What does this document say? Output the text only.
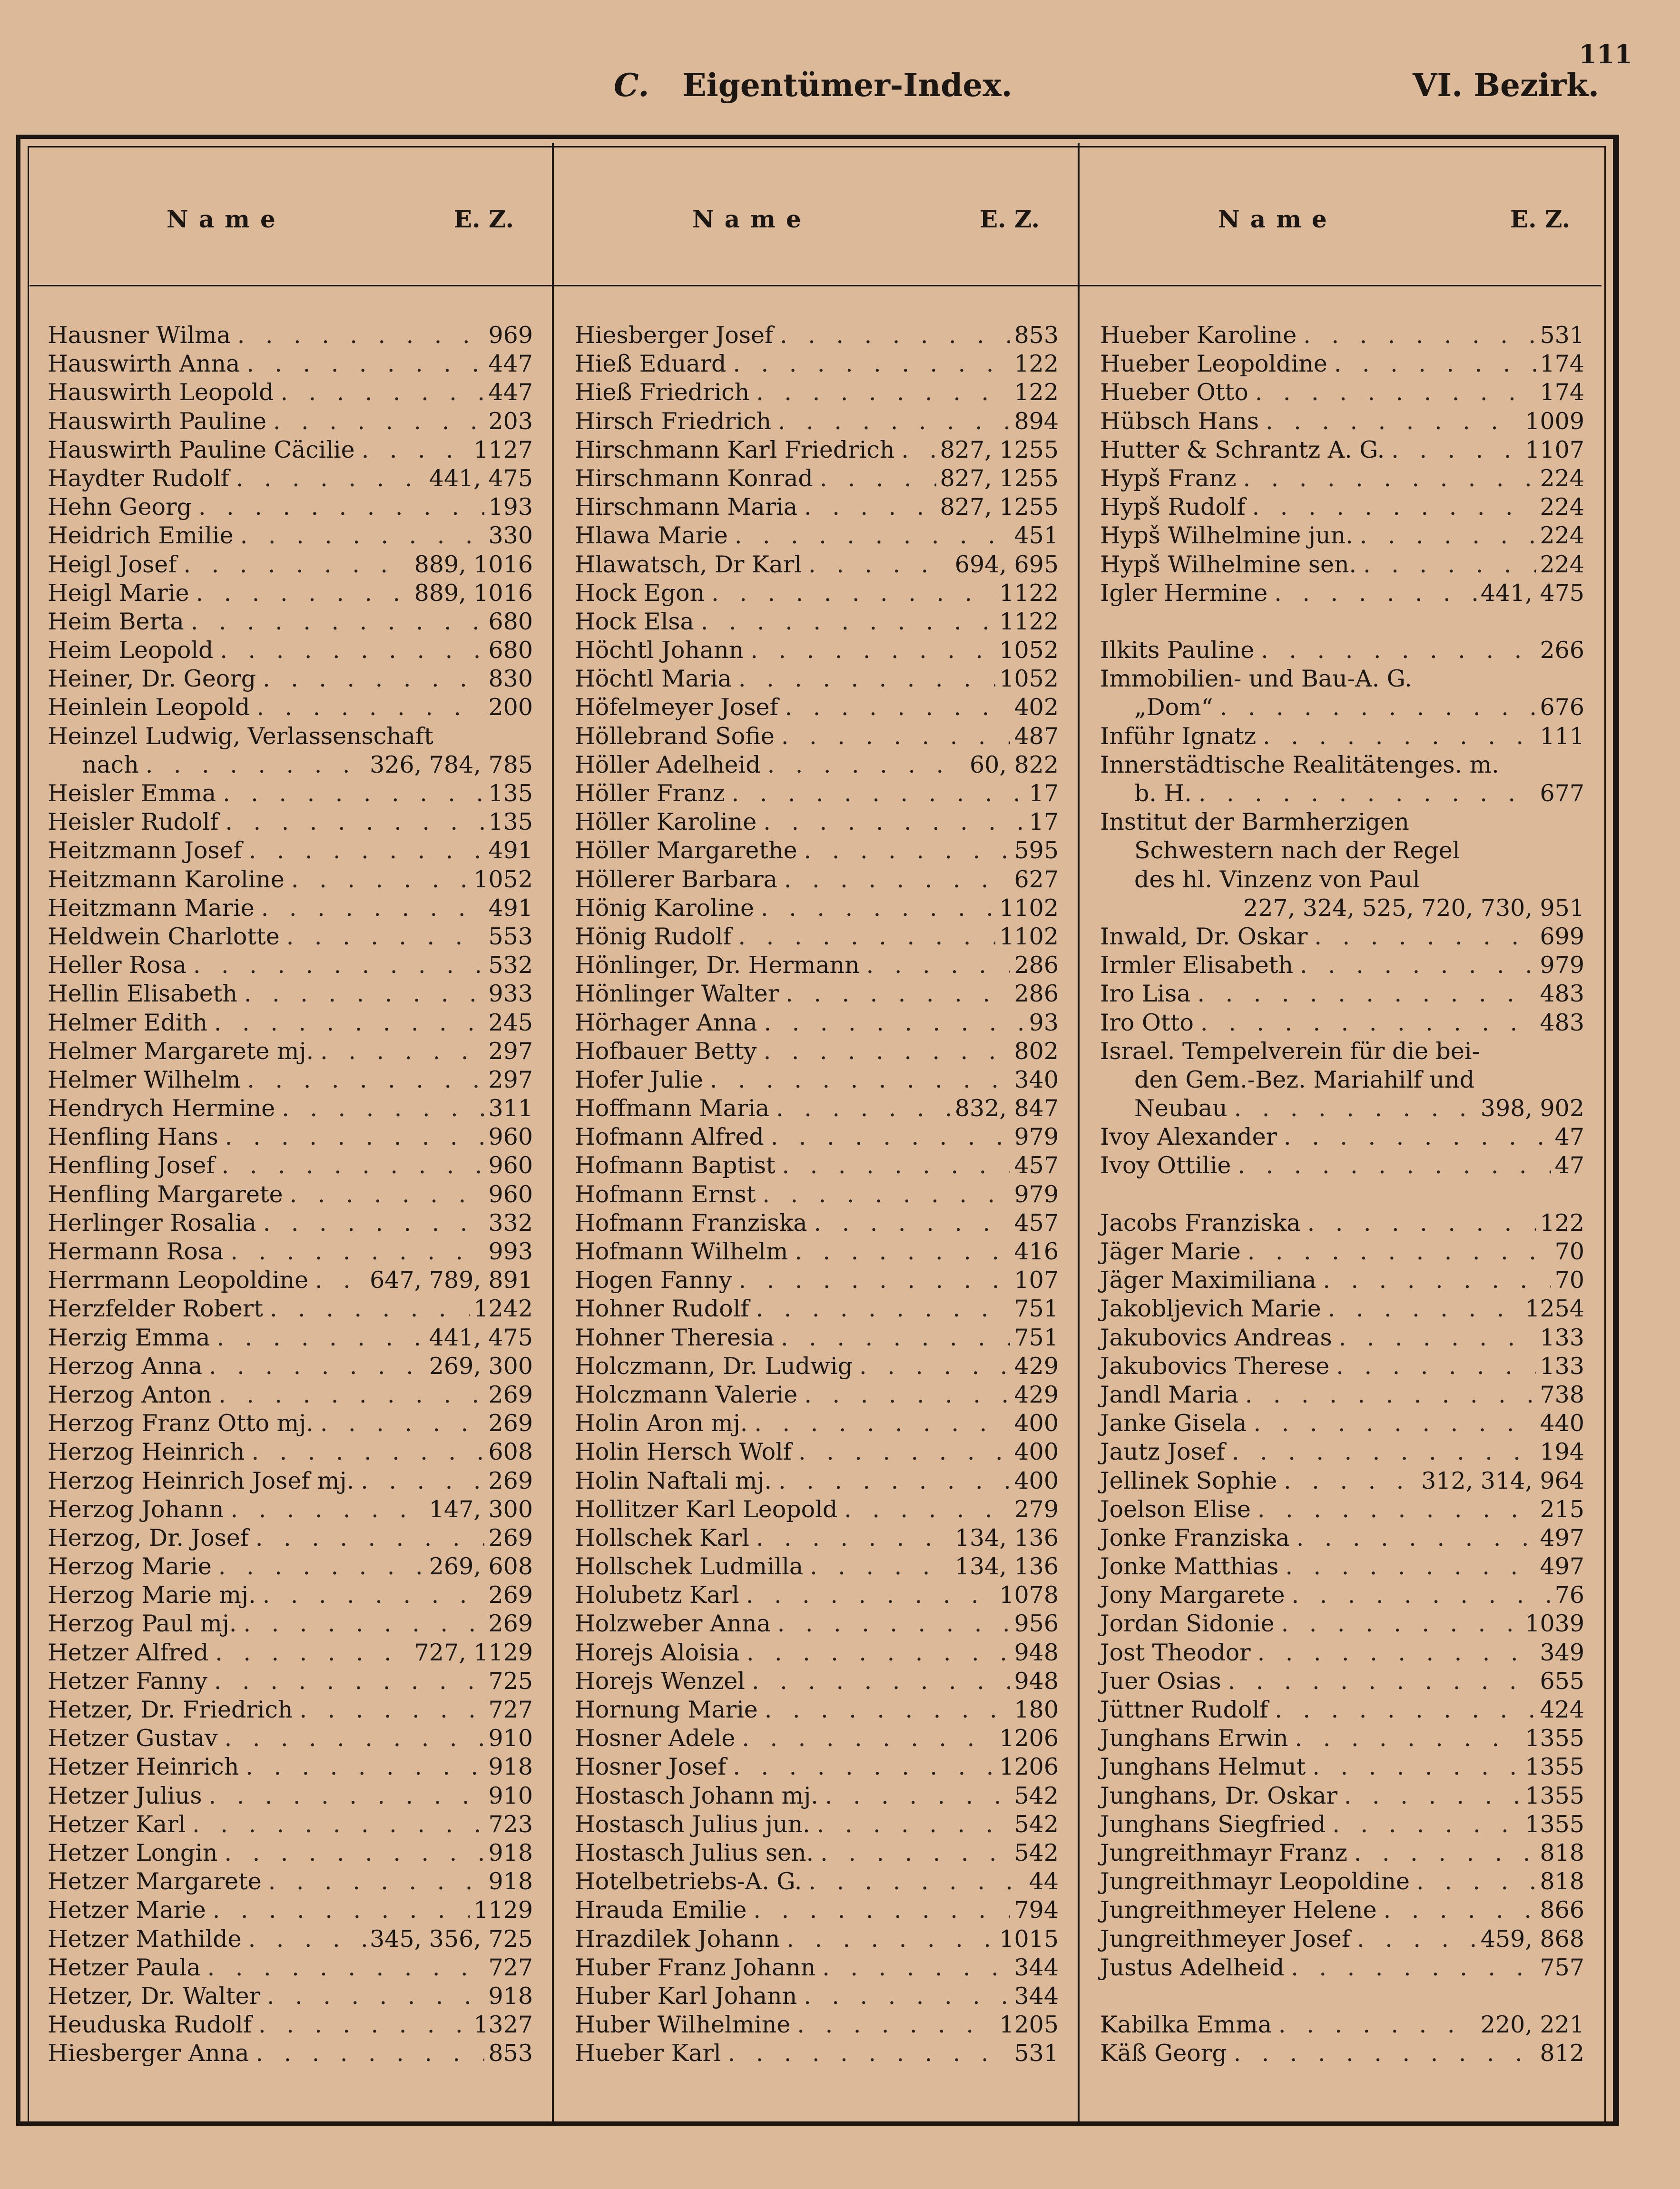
111
C. Eigentümer-Index.	VI. Bezirk.
Name	E. Z.	Name	E. Z.	Name	E. Z.
Hausner Wilma . . .	969
Hauswirth Anna . . .	447
Hauswirth Leopold . . .	447
Hauswirth Pauline . . .	203
Hauswirth Pauline Cäcilie . . .	1127
Haydter Rudolf . . .	441, 475
Hehn Georg . . .	193
Heidrich Emilie . . .	330
Heigl Josef . . .	889, 1016
Heigl Marie . . .	889, 1016
Heim Berta . . .	680
Heim Leopold . . .	680
Heiner, Dr. Georg . . .	830
Heinlein Leopold . . .	200
Heinzel Ludwig, Verlassenschaft
nach . . .	326, 784, 785
Heisler Emma . . .	135
Heisler Rudolf . . .	135
Heitzmann Josef . . .	491
Heitzmann Karoline . . .	1052
Heitzmann Marie . . .	491
Heldwein Charlotte . . .	553
Heller Rosa . . .	532
Hellin Elisabeth . . .	933
Helmer Edith . . .	245
Helmer Margarete mj. . . .	297
Helmer Wilhelm . . .	297
Hendrych Hermine . . .	311
Henfling Hans . . .	960
Henfling Josef . . .	960
Henfling Margarete . . .	960
Herlinger Rosalia . . .	332
Hermann Rosa . . .	993
Herrmann Leopoldine . . .	647, 789, 891
Herzfelder Robert . . .	1242
Herzig Emma . . .	441, 475
Herzog Anna . . .	269, 300
Herzog Anton . . .	269
Herzog Franz Otto mj. . . .	269
Herzog Heinrich . . .	608
Herzog Heinrich Josef mj. . . .	269
Herzog Johann . . .	147, 300
Herzog, Dr. Josef . . .	269
Herzog Marie . . .	269, 608
Herzog Marie mj. . . .	269
Herzog Paul mj. . . .	269
Hetzer Alfred . . .	727, 1129
Hetzer Fanny . . .	725
Hetzer, Dr. Friedrich . . .	727
Hetzer Gustav . . .	910
Hetzer Heinrich . . .	918
Hetzer Julius . . .	910
Hetzer Karl . . .	723
Hetzer Longin . . .	918
Hetzer Margarete . . .	918
Hetzer Marie . . .	1129
Hetzer Mathilde . . .	345, 356, 725
Hetzer Paula . . .	727
Hetzer, Dr. Walter . . .	918
Heuduska Rudolf . . .	1327
Hiesberger Anna . . .	853
Hiesberger Josef . . .	853
Hieß Eduard . . .	122
Hieß Friedrich . . .	122
Hirsch Friedrich . . .	894
Hirschmann Karl Friedrich . . . 827, 1255
Hirschmann Konrad . . .	827, 1255
Hirschmann Maria . . .	827, 1255
Hlawa Marie . . .	451
Hlawatsch, Dr Karl . . .	694, 695
Hock Egon . . .	1122
Hock Elsa . . .	1122
Höchtl Johann . . .	1052
Höchtl Maria . . .	1052
Höfelmeyer Josef . . .	402
Höllebrand Sofie . . .	487
Höller Adelheid . . .	60, 822
Höller Franz . . .	17
Höller Karoline . . .	17
Höller Margarethe . . .	595
Höllerer Barbara . . .	627
Hönig Karoline . . .	1102
Hönig Rudolf . . .	1102
Hönlinger, Dr. Hermann . . .	286
Hönlinger Walter . . .	286
Hörhager Anna . . .	93
Hofbauer Betty . . .	802
Hofer Julie . . .	340
Hoffmann Maria . . .	832, 847
Hofmann Alfred . . .	979
Hofmann Baptist . . .	457
Hofmann Ernst . . .	979
Hofmann Franziska . . .	457
Hofmann Wilhelm . . .	416
Hogen Fanny . . .	107
Hohner Rudolf . . .	751
Hohner Theresia . . .	751
Holczmann, Dr. Ludwig . . .	429
Holczmann Valerie . . .	429
Holin Aron mj. . . .	400
Holin Hersch Wolf . . .	400
Holin Naftali mj. . . .	400
Hollitzer Karl Leopold . . .	279
Hollschek Karl . . .	134, 136
Hollschek Ludmilla . . .	134, 136
Holubetz Karl . . .	1078
Holzweber Anna . . .	956
Horejs Aloisia . . .	948
Horejs Wenzel . . .	948
Hornung Marie . . .	180
Hosner Adele . . .	1206
Hosner Josef . . .	1206
Hostasch Johann mj. . . .	542
Hostasch Julius jun. . . .	542
Hostasch Julius sen. . . .	542
Hotelbetriebs-A. G. . . .	44
Hrauda Emilie . . .	794
Hrazdilek Johann . . .	1015
Huber Franz Johann . . .	344
Huber Karl Johann . . .	344
Huber Wilhelmine . . .	1205
Hueber Karl . . .	531
Hueber Karoline . . .	531
Hueber Leopoldine . . .	174
Hueber Otto . . .	174
Hübsch Hans . . .	1009
Hutter & Schrantz A. G. . . .	1107
Hypš Franz . . .	224
Hypš Rudolf . . .	224
Hypš Wilhelmine jun. . . .	224
Hypš Wilhelmine sen. . . .	224
Igler Hermine . . .	441, 475
Ilkits Pauline . . .	266
Immobilien- und Bau-A. G.
„Dom“ . . .	676
Inführ Ignatz . . .	111
Innerstädtische Realitätenges. m.
b. H. . . .	677
Institut der Barmherzigen
Schwestern nach der Regel
des hl. Vinzenz von Paul
227, 324, 525, 720, 730, 951
Inwald, Dr. Oskar . . .	699
Irmler Elisabeth . . .	979
Iro Lisa . . .	483
Iro Otto . . .	483
Israel. Tempelverein für die bei-
den Gem.-Bez. Mariahilf und
Neubau . . .	398, 902
Ivoy Alexander . . .	47
Ivoy Ottilie . . .	47
Jacobs Franziska . . .	122
Jäger Marie . . .	70
Jäger Maximiliana . . .	70
Jakobljevich Marie . . .	1254
Jakubovics Andreas . . .	133
Jakubovics Therese . . .	133
Jandl Maria . . .	738
Janke Gisela . . .	440
Jautz Josef . . .	194
Jellinek Sophie . . .	312, 314, 964
Joelson Elise . . .	215
Jonke Franziska . . .	497
Jonke Matthias . . .	497
Jony Margarete . . .	76
Jordan Sidonie . . .	1039
Jost Theodor . . .	349
Juer Osias . . .	655
Jüttner Rudolf . . .	424
Junghans Erwin . . .	1355
Junghans Helmut . . .	1355
Junghans, Dr. Oskar . . .	1355
Junghans Siegfried . . .	1355
Jungreithmayr Franz . . .	818
Jungreithmayr Leopoldine . . .	818
Jungreithmeyer Helene . . .	866
Jungreithmeyer Josef . . .	459, 868
Justus Adelheid . . .	757
Kabilka Emma . . .	220, 221
Käß Georg . . .	812
